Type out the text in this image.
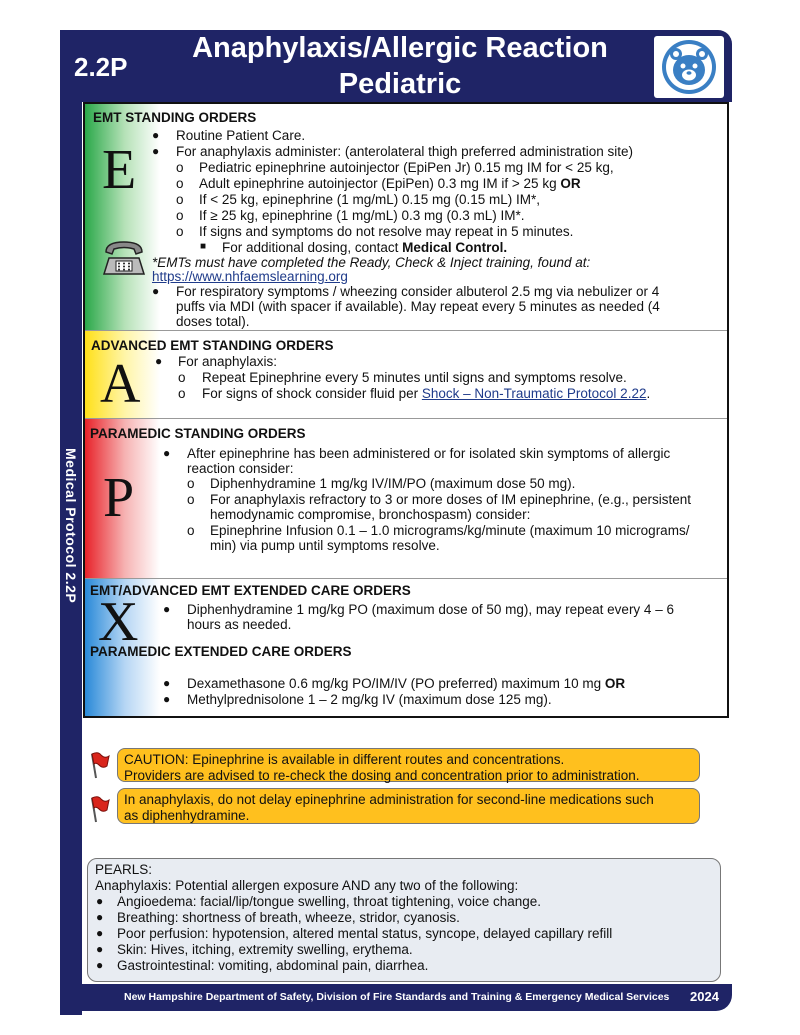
2.2P
Anaphylaxis/Allergic Reaction
Pediatric
Medical Protocol 2.2P
E
EMT STANDING ORDERS
● Routine Patient Care.
● For anaphylaxis administer: (anterolateral thigh preferred administration site)
o Pediatric epinephrine autoinjector (EpiPen Jr) 0.15 mg IM for < 25 kg,
o Adult epinephrine autoinjector (EpiPen) 0.3 mg IM if > 25 kg OR
o If < 25 kg, epinephrine (1 mg/mL) 0.15 mg (0.15 mL) IM*,
o If ≥ 25 kg, epinephrine (1 mg/mL) 0.3 mg (0.3 mL) IM*.
o If signs and symptoms do not resolve may repeat in 5 minutes.
■ For additional dosing, contact Medical Control.
*EMTs must have completed the Ready, Check & Inject training, found at:
https://www.nhfaemslearning.org
● For respiratory symptoms / wheezing consider albuterol 2.5 mg via nebulizer or 4
puffs via MDI (with spacer if available). May repeat every 5 minutes as needed (4
doses total).
A
ADVANCED EMT STANDING ORDERS
● For anaphylaxis:
o Repeat Epinephrine every 5 minutes until signs and symptoms resolve.
o For signs of shock consider fluid per Shock – Non-Traumatic Protocol 2.22.
P
PARAMEDIC STANDING ORDERS
● After epinephrine has been administered or for isolated skin symptoms of allergic
reaction consider:
o Diphenhydramine 1 mg/kg IV/IM/PO (maximum dose 50 mg).
o For anaphylaxis refractory to 3 or more doses of IM epinephrine, (e.g., persistent
hemodynamic compromise, bronchospasm) consider:
o Epinephrine Infusion 0.1 – 1.0 micrograms/kg/minute (maximum 10 micrograms/
min) via pump until symptoms resolve.
X
EMT/ADVANCED EMT EXTENDED CARE ORDERS
● Diphenhydramine 1 mg/kg PO (maximum dose of 50 mg), may repeat every 4 – 6
hours as needed.
PARAMEDIC EXTENDED CARE ORDERS
● Dexamethasone 0.6 mg/kg PO/IM/IV (PO preferred) maximum 10 mg OR
● Methylprednisolone 1 – 2 mg/kg IV (maximum dose 125 mg).
CAUTION: Epinephrine is available in different routes and concentrations.
Providers are advised to re-check the dosing and concentration prior to administration.
In anaphylaxis, do not delay epinephrine administration for second-line medications such
as diphenhydramine.
PEARLS:
Anaphylaxis: Potential allergen exposure AND any two of the following:
● Angioedema: facial/lip/tongue swelling, throat tightening, voice change.
● Breathing: shortness of breath, wheeze, stridor, cyanosis.
● Poor perfusion: hypotension, altered mental status, syncope, delayed capillary refill
● Skin: Hives, itching, extremity swelling, erythema.
● Gastrointestinal: vomiting, abdominal pain, diarrhea.
New Hampshire Department of Safety, Division of Fire Standards and Training & Emergency Medical Services 2024
